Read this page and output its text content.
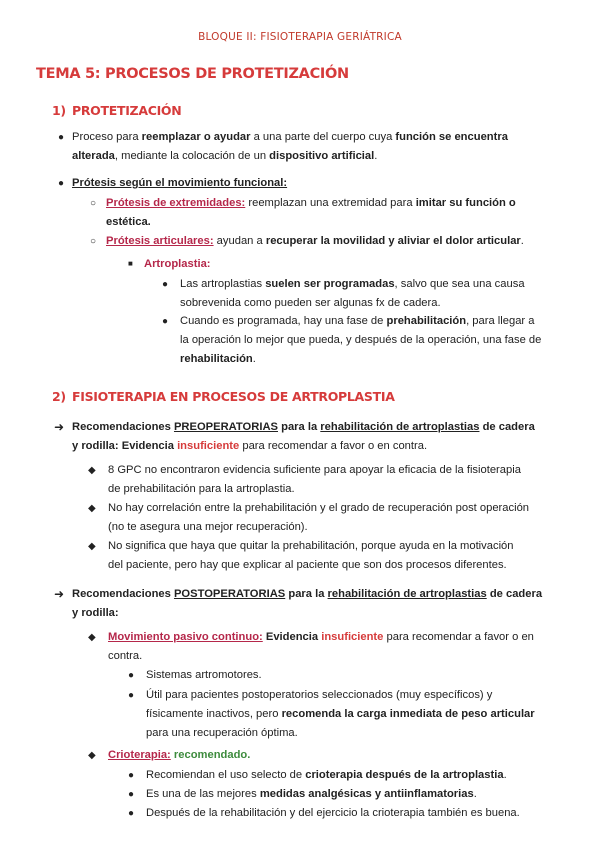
BLOQUE II: FISIOTERAPIA GERIÁTRICA
TEMA 5: PROCESOS DE PROTETIZACIÓN
1) PROTETIZACIÓN
● Proceso para reemplazar o ayudar a una parte del cuerpo cuya función se encuentra
alterada, mediante la colocación de un dispositivo artificial.
● Prótesis según el movimiento funcional:
○ Prótesis de extremidades: reemplazan una extremidad para imitar su función o
estética.
○ Prótesis articulares: ayudan a recuperar la movilidad y aliviar el dolor articular.
■ Artroplastia:
● Las artroplastias suelen ser programadas, salvo que sea una causa
sobrevenida como pueden ser algunas fx de cadera.
● Cuando es programada, hay una fase de prehabilitación, para llegar a
la operación lo mejor que pueda, y después de la operación, una fase de
rehabilitación.
2) FISIOTERAPIA EN PROCESOS DE ARTROPLASTIA
➜ Recomendaciones PREOPERATORIAS para la rehabilitación de artroplastias de cadera
y rodilla: Evidencia insuficiente para recomendar a favor o en contra.
◆ 8 GPC no encontraron evidencia suficiente para apoyar la eficacia de la fisioterapia
de prehabilitación para la artroplastia.
◆ No hay correlación entre la prehabilitación y el grado de recuperación post operación
(no te asegura una mejor recuperación).
◆ No significa que haya que quitar la prehabilitación, porque ayuda en la motivación
del paciente, pero hay que explicar al paciente que son dos procesos diferentes.
➜ Recomendaciones POSTOPERATORIAS para la rehabilitación de artroplastias de cadera
y rodilla:
◆ Movimiento pasivo continuo: Evidencia insuficiente para recomendar a favor o en
contra.
● Sistemas artromotores.
● Útil para pacientes postoperatorios seleccionados (muy específicos) y
físicamente inactivos, pero recomenda la carga inmediata de peso articular
para una recuperación óptima.
◆ Crioterapia: recomendado.
● Recomiendan el uso selecto de crioterapia después de la artroplastia.
● Es una de las mejores medidas analgésicas y antiinflamatorias.
● Después de la rehabilitación y del ejercicio la crioterapia también es buena.
